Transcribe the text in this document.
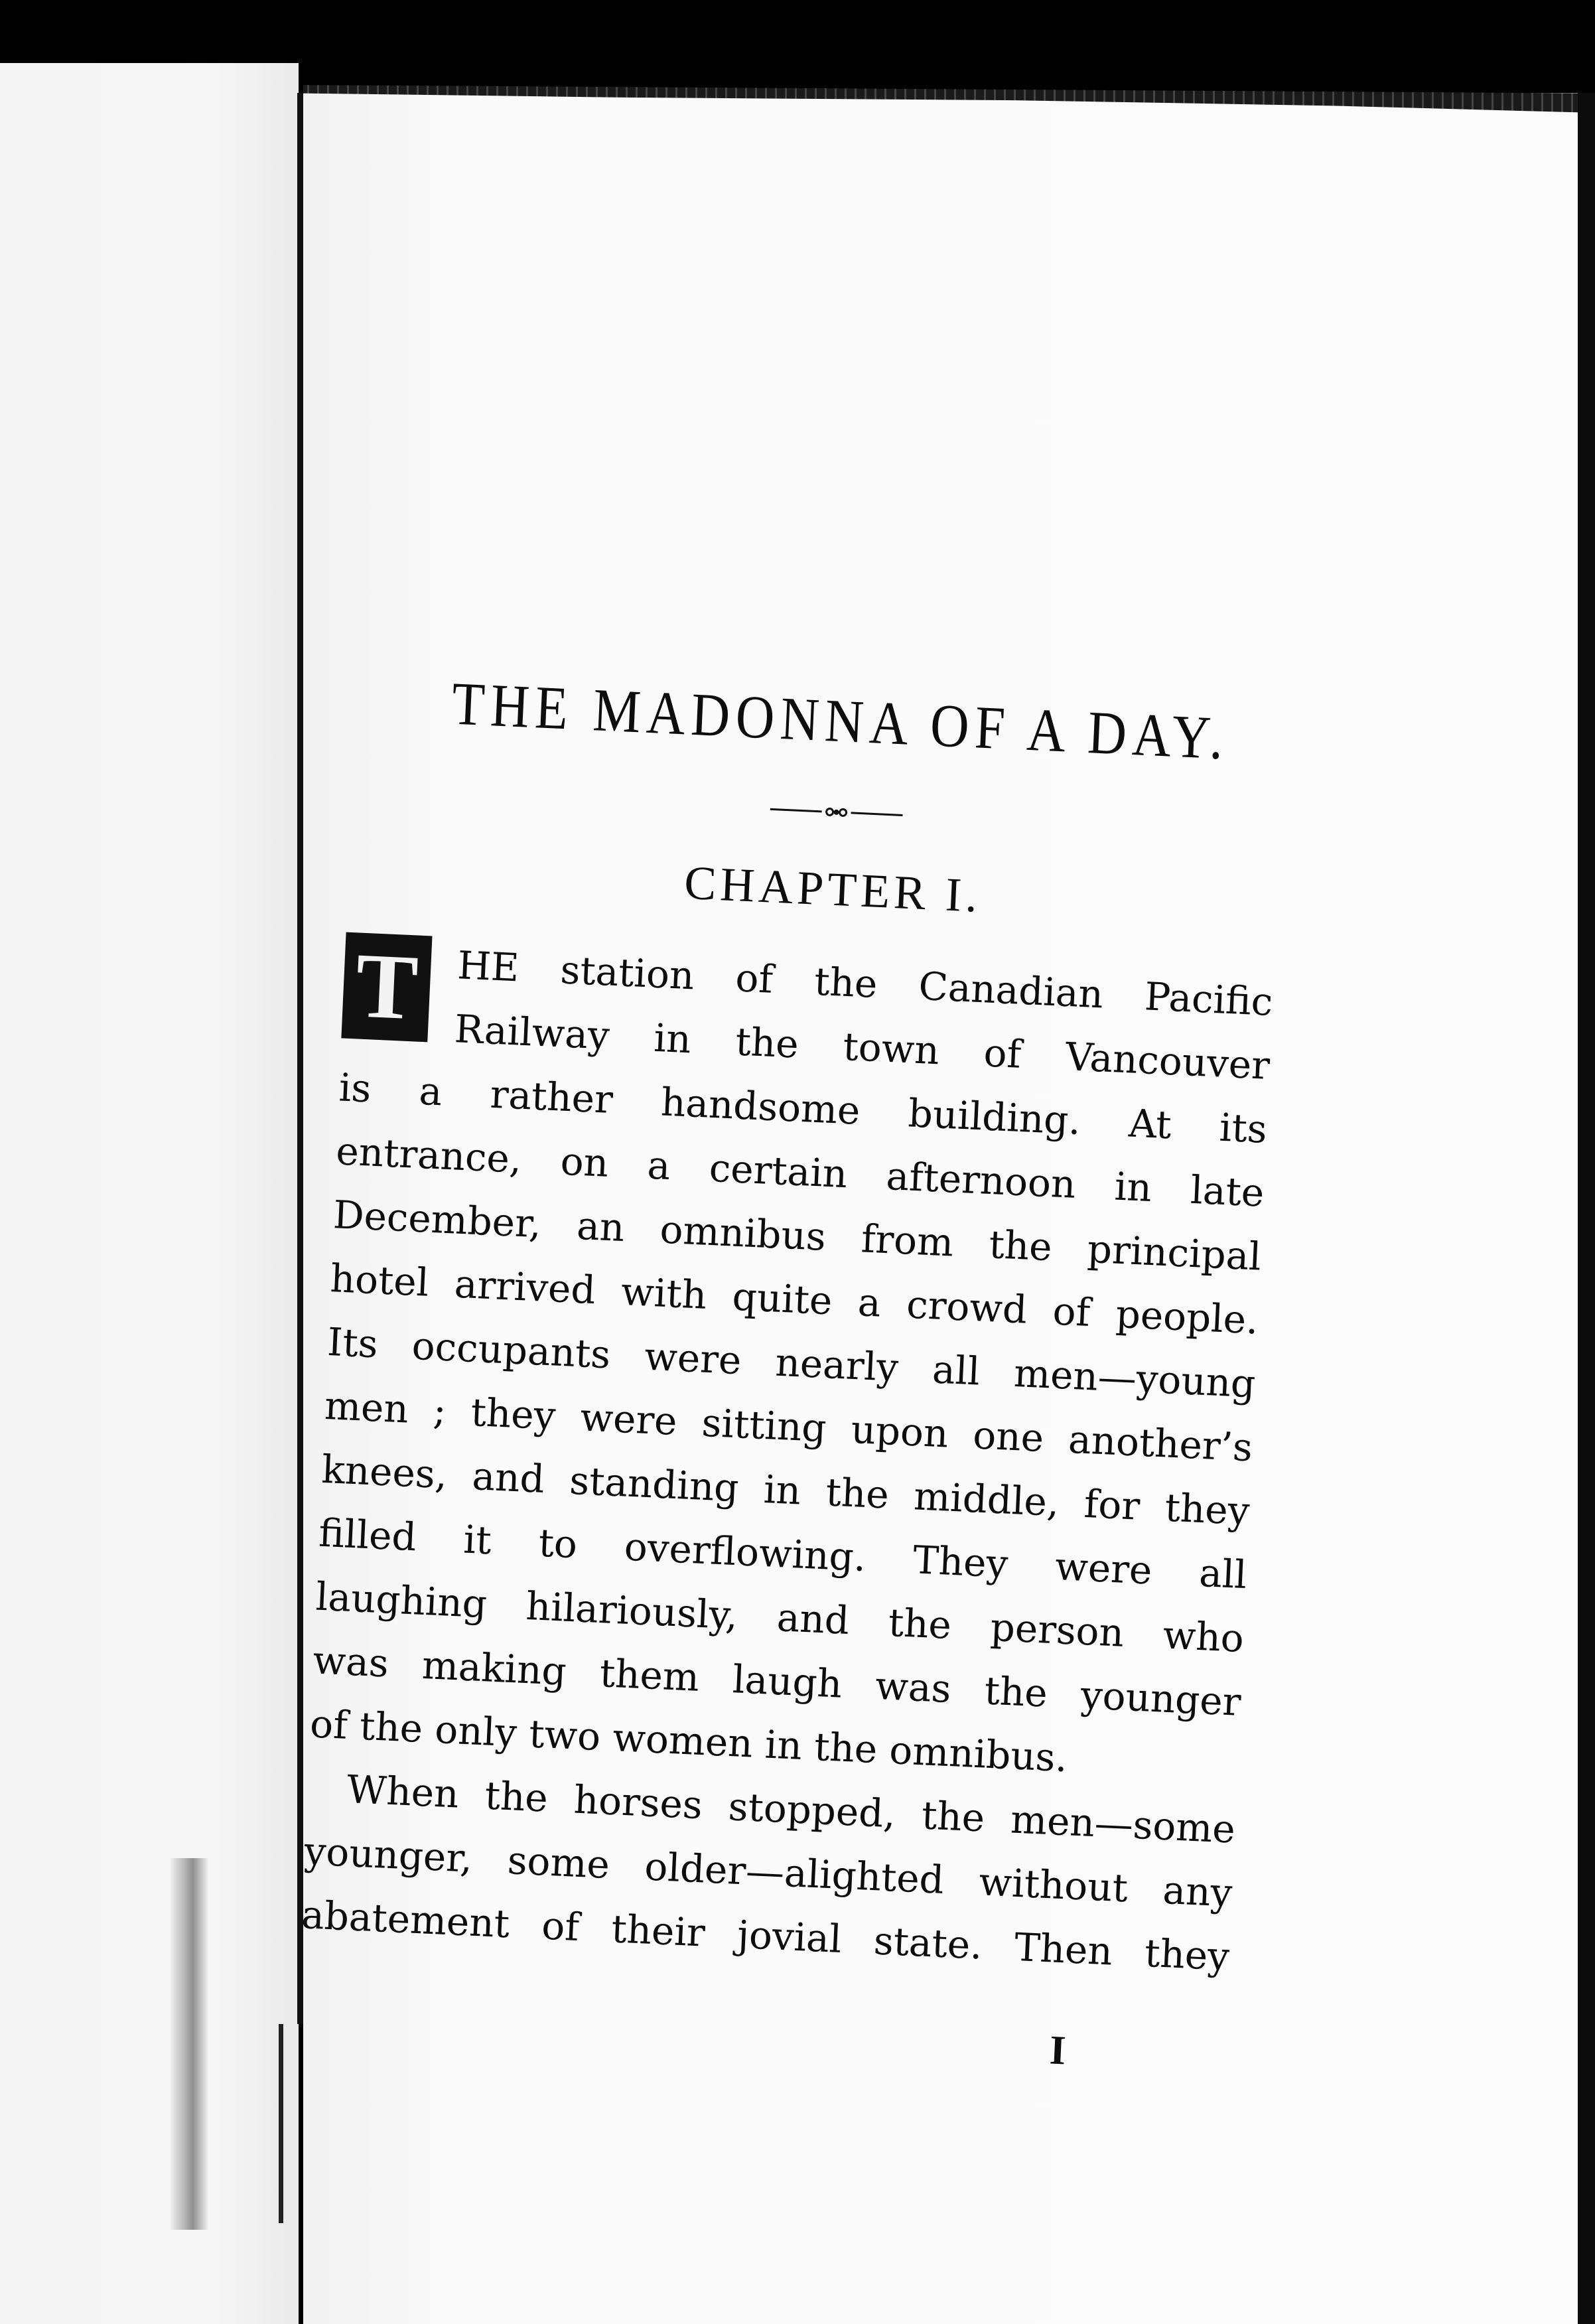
THE MADONNA OF A DAY.
CHAPTER I.
T HE station of the Canadian Pacific
Railway in the town of Vancouver
is a rather handsome building. At its
entrance, on a certain afternoon in late
December, an omnibus from the principal
hotel arrived with quite a crowd of people.
Its occupants were nearly all men—young
men ; they were sitting upon one another’s
knees, and standing in the middle, for they
filled it to overflowing. They were all
laughing hilariously, and the person who
was making them laugh was the younger
of the only two women in the omnibus.
When the horses stopped, the men—some
younger, some older—alighted without any
abatement of their jovial state. Then they
I
